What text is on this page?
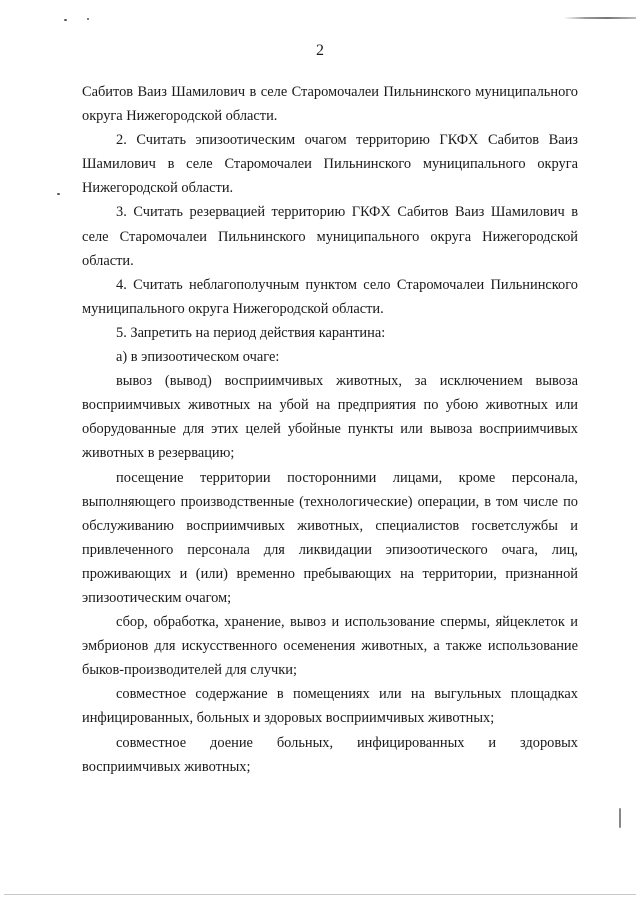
2

Сабитов Ваиз Шамилович в селе Старомочалеи Пильнинского муниципального округа Нижегородской области.

2. Считать эпизоотическим очагом территорию ГКФХ Сабитов Ваиз Шамилович в селе Старомочалеи Пильнинского муниципального округа Нижегородской области.

3. Считать резервацией территорию ГКФХ Сабитов Ваиз Шамилович в селе Старомочалеи Пильнинского муниципального округа Нижегородской области.

4. Считать неблагополучным пунктом село Старомочалеи Пильнинского муниципального округа Нижегородской области.

5. Запретить на период действия карантина:

а) в эпизоотическом очаге:

вывоз (вывод) восприимчивых животных, за исключением вывоза восприимчивых животных на убой на предприятия по убою животных или оборудованные для этих целей убойные пункты или вывоза восприимчивых животных в резервацию;

посещение территории посторонними лицами, кроме персонала, выполняющего производственные (технологические) операции, в том числе по обслуживанию восприимчивых животных, специалистов госветслужбы и привлеченного персонала для ликвидации эпизоотического очага, лиц, проживающих и (или) временно пребывающих на территории, признанной эпизоотическим очагом;

сбор, обработка, хранение, вывоз и использование спермы, яйцеклеток и эмбрионов для искусственного осеменения животных, а также использование быков-производителей для случки;

совместное содержание в помещениях или на выгульных площадках инфицированных, больных и здоровых восприимчивых животных;

совместное доение больных, инфицированных и здоровых восприимчивых животных;
